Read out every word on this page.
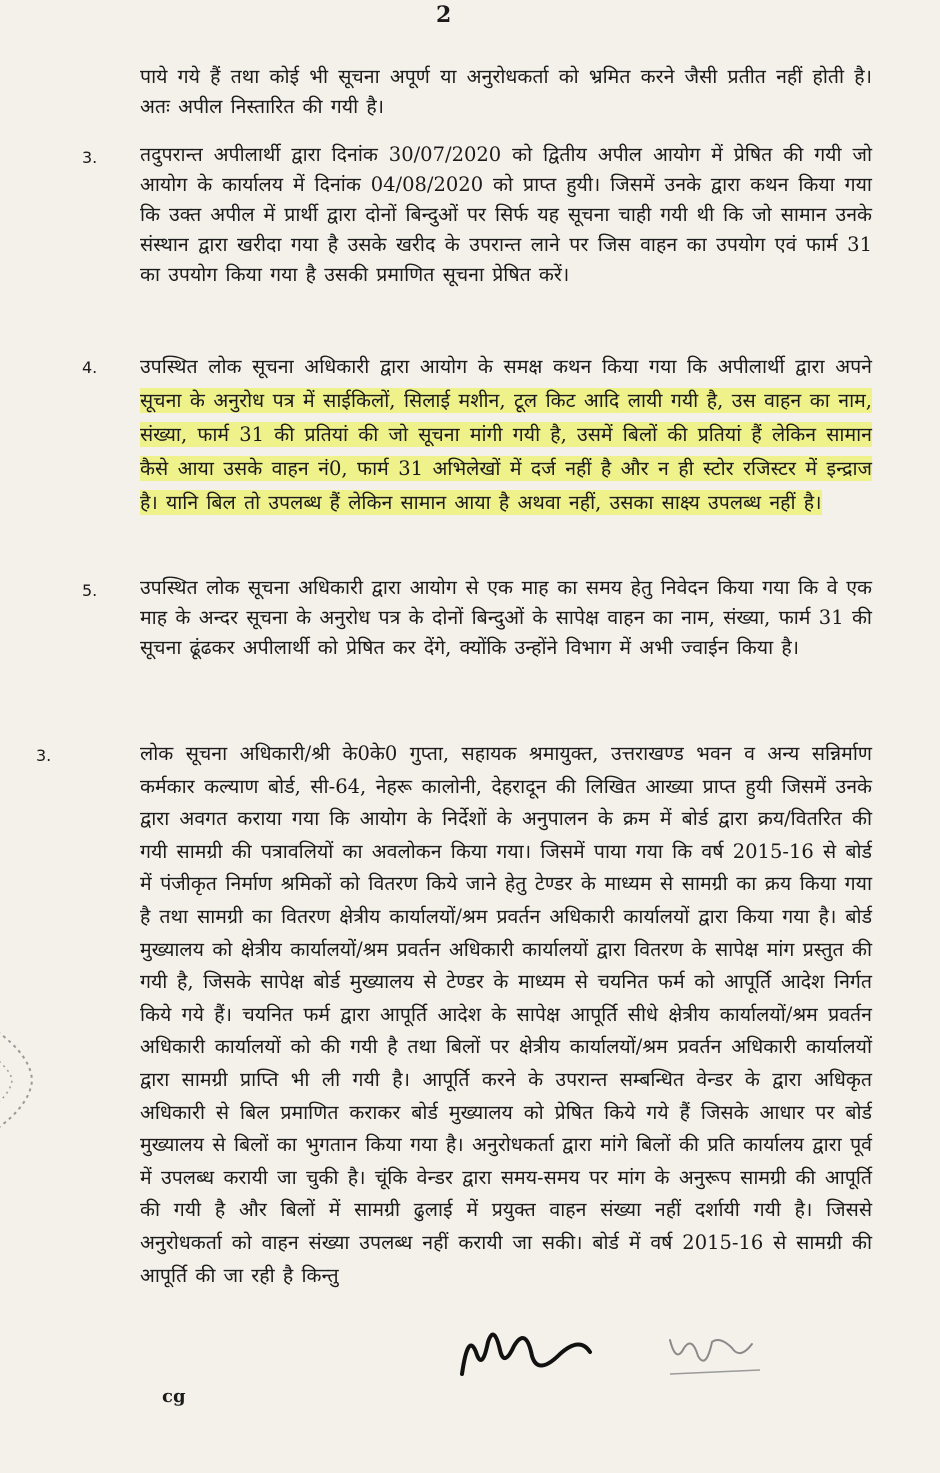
2
पाये गये हैं तथा कोई भी सूचना अपूर्ण या अनुरोधकर्ता को भ्रमित करने जैसी प्रतीत नहीं होती है। अतः अपील निस्तारित की गयी है।
3. तदुपरान्त अपीलार्थी द्वारा दिनांक 30/07/2020 को द्वितीय अपील आयोग में प्रेषित की गयी जो आयोग के कार्यालय में दिनांक 04/08/2020 को प्राप्त हुयी। जिसमें उनके द्वारा कथन किया गया कि उक्त अपील में प्रार्थी द्वारा दोनों बिन्दुओं पर सिर्फ यह सूचना चाही गयी थी कि जो सामान उनके संस्थान द्वारा खरीदा गया है उसके खरीद के उपरान्त लाने पर जिस वाहन का उपयोग एवं फार्म 31 का उपयोग किया गया है उसकी प्रमाणित सूचना प्रेषित करें।
4. उपस्थित लोक सूचना अधिकारी द्वारा आयोग के समक्ष कथन किया गया कि अपीलार्थी द्वारा अपने सूचना के अनुरोध पत्र में साईकिलों, सिलाई मशीन, टूल किट आदि लायी गयी है, उस वाहन का नाम, संख्या, फार्म 31 की प्रतियां की जो सूचना मांगी गयी है, उसमें बिलों की प्रतियां हैं लेकिन सामान कैसे आया उसके वाहन नं0, फार्म 31 अभिलेखों में दर्ज नहीं है और न ही स्टोर रजिस्टर में इन्द्राज है। यानि बिल तो उपलब्ध हैं लेकिन सामान आया है अथवा नहीं, उसका साक्ष्य उपलब्ध नहीं है।
5. उपस्थित लोक सूचना अधिकारी द्वारा आयोग से एक माह का समय हेतु निवेदन किया गया कि वे एक माह के अन्दर सूचना के अनुरोध पत्र के दोनों बिन्दुओं के सापेक्ष वाहन का नाम, संख्या, फार्म 31 की सूचना ढूंढकर अपीलार्थी को प्रेषित कर देंगे, क्योंकि उन्होंने विभाग में अभी ज्वाईन किया है।
3.	लोक सूचना अधिकारी/श्री के0के0 गुप्ता, सहायक श्रमायुक्त, उत्तराखण्ड भवन व अन्य सन्निर्माण कर्मकार कल्याण बोर्ड, सी-64, नेहरू कालोनी, देहरादून की लिखित आख्या प्राप्त हुयी जिसमें उनके द्वारा अवगत कराया गया कि आयोग के निर्देशों के अनुपालन के क्रम में बोर्ड द्वारा क्रय/वितरित की गयी सामग्री की पत्रावलियों का अवलोकन किया गया। जिसमें पाया गया कि वर्ष 2015-16 से बोर्ड में पंजीकृत निर्माण श्रमिकों को वितरण किये जाने हेतु टेण्डर के माध्यम से सामग्री का क्रय किया गया है तथा सामग्री का वितरण क्षेत्रीय कार्यालयों/श्रम प्रवर्तन अधिकारी कार्यालयों द्वारा किया गया है। बोर्ड मुख्यालय को क्षेत्रीय कार्यालयों/श्रम प्रवर्तन अधिकारी कार्यालयों द्वारा वितरण के सापेक्ष मांग प्रस्तुत की गयी है, जिसके सापेक्ष बोर्ड मुख्यालय से टेण्डर के माध्यम से चयनित फर्म को आपूर्ति आदेश निर्गत किये गये हैं। चयनित फर्म द्वारा आपूर्ति आदेश के सापेक्ष आपूर्ति सीधे क्षेत्रीय कार्यालयों/श्रम प्रवर्तन अधिकारी कार्यालयों को की गयी है तथा बिलों पर क्षेत्रीय कार्यालयों/श्रम प्रवर्तन अधिकारी कार्यालयों द्वारा सामग्री प्राप्ति भी ली गयी है। आपूर्ति करने के उपरान्त सम्बन्धित वेन्डर के द्वारा अधिकृत अधिकारी से बिल प्रमाणित कराकर बोर्ड मुख्यालय को प्रेषित किये गये हैं जिसके आधार पर बोर्ड मुख्यालय से बिलों का भुगतान किया गया है। अनुरोधकर्ता द्वारा मांगे बिलों की प्रति कार्यालय द्वारा पूर्व में उपलब्ध करायी जा चुकी है। चूंकि वेन्डर द्वारा समय-समय पर मांग के अनुरूप सामग्री की आपूर्ति की गयी है और बिलों में सामग्री ढुलाई में प्रयुक्त वाहन संख्या नहीं दर्शायी गयी है। जिससे अनुरोधकर्ता को वाहन संख्या उपलब्ध नहीं करायी जा सकी। बोर्ड में वर्ष 2015-16 से सामग्री की आपूर्ति की जा रही है किन्तु
cg
